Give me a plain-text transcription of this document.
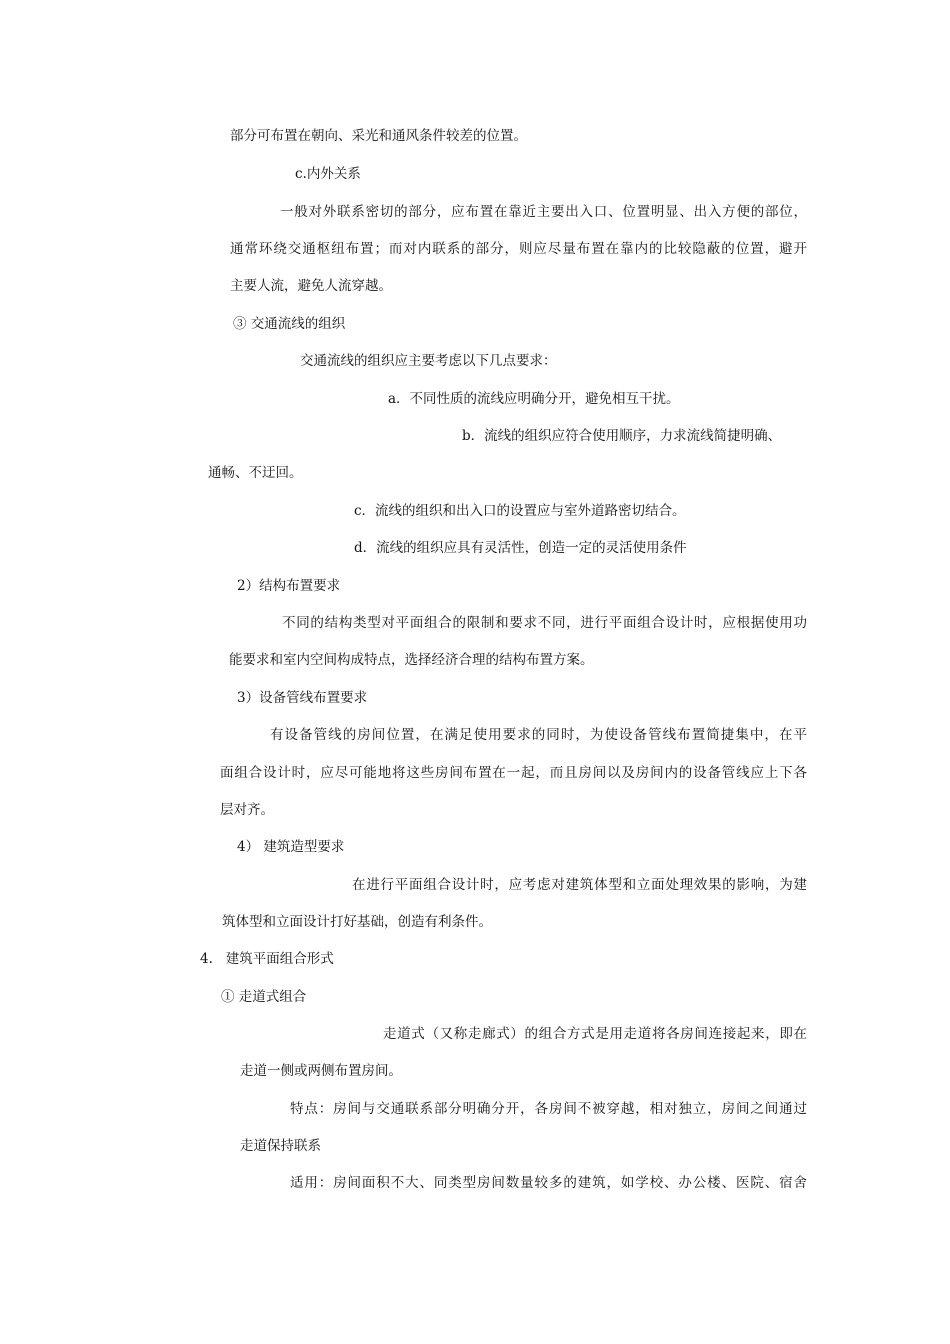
部分可布置在朝向、采光和通风条件较差的位置。
c.内外关系
一般对外联系密切的部分，应布置在靠近主要出入口、位置明显、出入方便的部位，
通常环绕交通枢纽布置；而对内联系的部分，则应尽量布置在靠内的比较隐蔽的位置，避开
主要人流，避免人流穿越。
③ 交通流线的组织
交通流线的组织应主要考虑以下几点要求：
a．不同性质的流线应明确分开，避免相互干扰。
b．流线的组织应符合使用顺序，力求流线简捷明确、
通畅、不迂回。
c．流线的组织和出入口的设置应与室外道路密切结合。
d．流线的组织应具有灵活性，创造一定的灵活使用条件
2）结构布置要求
不同的结构类型对平面组合的限制和要求不同，进行平面组合设计时，应根据使用功
能要求和室内空间构成特点，选择经济合理的结构布置方案。
3）设备管线布置要求
有设备管线的房间位置，在满足使用要求的同时，为使设备管线布置简捷集中，在平
面组合设计时，应尽可能地将这些房间布置在一起，而且房间以及房间内的设备管线应上下各
层对齐。
4） 建筑造型要求
在进行平面组合设计时，应考虑对建筑体型和立面处理效果的影响，为建
筑体型和立面设计打好基础，创造有利条件。
4.   建筑平面组合形式
① 走道式组合
走道式（又称走廊式）的组合方式是用走道将各房间连接起来，即在
走道一侧或两侧布置房间。
特点：房间与交通联系部分明确分开，各房间不被穿越，相对独立，房间之间通过
走道保持联系
适用：房间面积不大、同类型房间数量较多的建筑，如学校、办公楼、医院、宿舍
